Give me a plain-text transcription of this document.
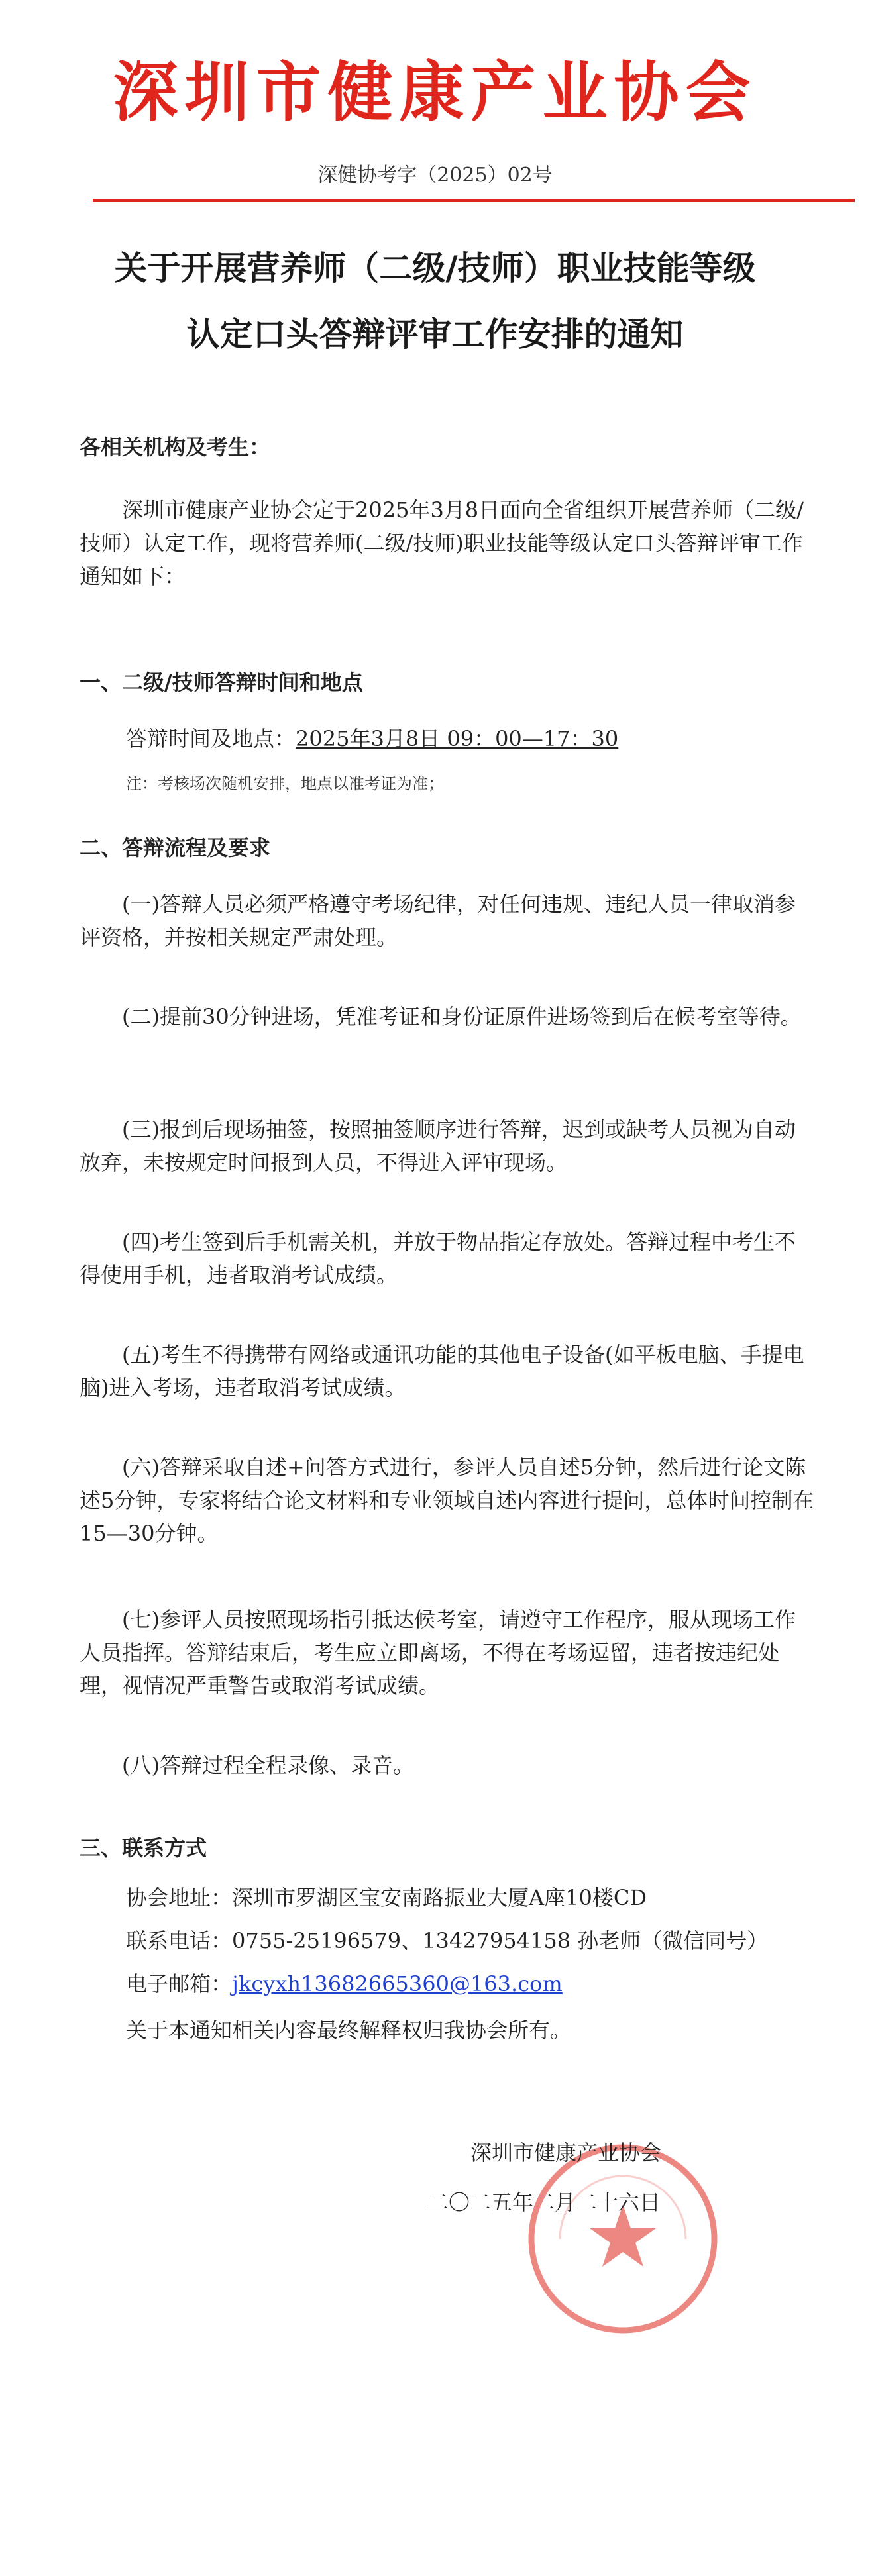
深圳市健康产业协会
深健协考字（2025）02号
关于开展营养师（二级/技师）职业技能等级
认定口头答辩评审工作安排的通知
各相关机构及考生：
深圳市健康产业协会定于2025年3月8日面向全省组织开展营养师（二级/技师）认定工作，现将营养师(二级/技师)职业技能等级认定口头答辩评审工作通知如下：
一、二级/技师答辩时间和地点
答辩时间及地点：2025年3月8日 09：00—17：30
注：考核场次随机安排，地点以准考证为准；
二、答辩流程及要求
(一)答辩人员必须严格遵守考场纪律，对任何违规、违纪人员一律取消参评资格，并按相关规定严肃处理。
(二)提前30分钟进场，凭准考证和身份证原件进场签到后在候考室等待。
(三)报到后现场抽签，按照抽签顺序进行答辩，迟到或缺考人员视为自动放弃，未按规定时间报到人员，不得进入评审现场。
(四)考生签到后手机需关机，并放于物品指定存放处。答辩过程中考生不得使用手机，违者取消考试成绩。
(五)考生不得携带有网络或通讯功能的其他电子设备(如平板电脑、手提电脑)进入考场，违者取消考试成绩。
(六)答辩采取自述+问答方式进行，参评人员自述5分钟，然后进行论文陈述5分钟，专家将结合论文材料和专业领域自述内容进行提问，总体时间控制在15—30分钟。
(七)参评人员按照现场指引抵达候考室，请遵守工作程序，服从现场工作人员指挥。答辩结束后，考生应立即离场，不得在考场逗留，违者按违纪处理，视情况严重警告或取消考试成绩。
(八)答辩过程全程录像、录音。
三、联系方式
协会地址：深圳市罗湖区宝安南路振业大厦A座10楼CD
联系电话：0755-25196579、13427954158 孙老师（微信同号）
电子邮箱：jkcyxh13682665360@163.com
关于本通知相关内容最终解释权归我协会所有。
深圳市健康产业协会
二〇二五年二月二十六日
